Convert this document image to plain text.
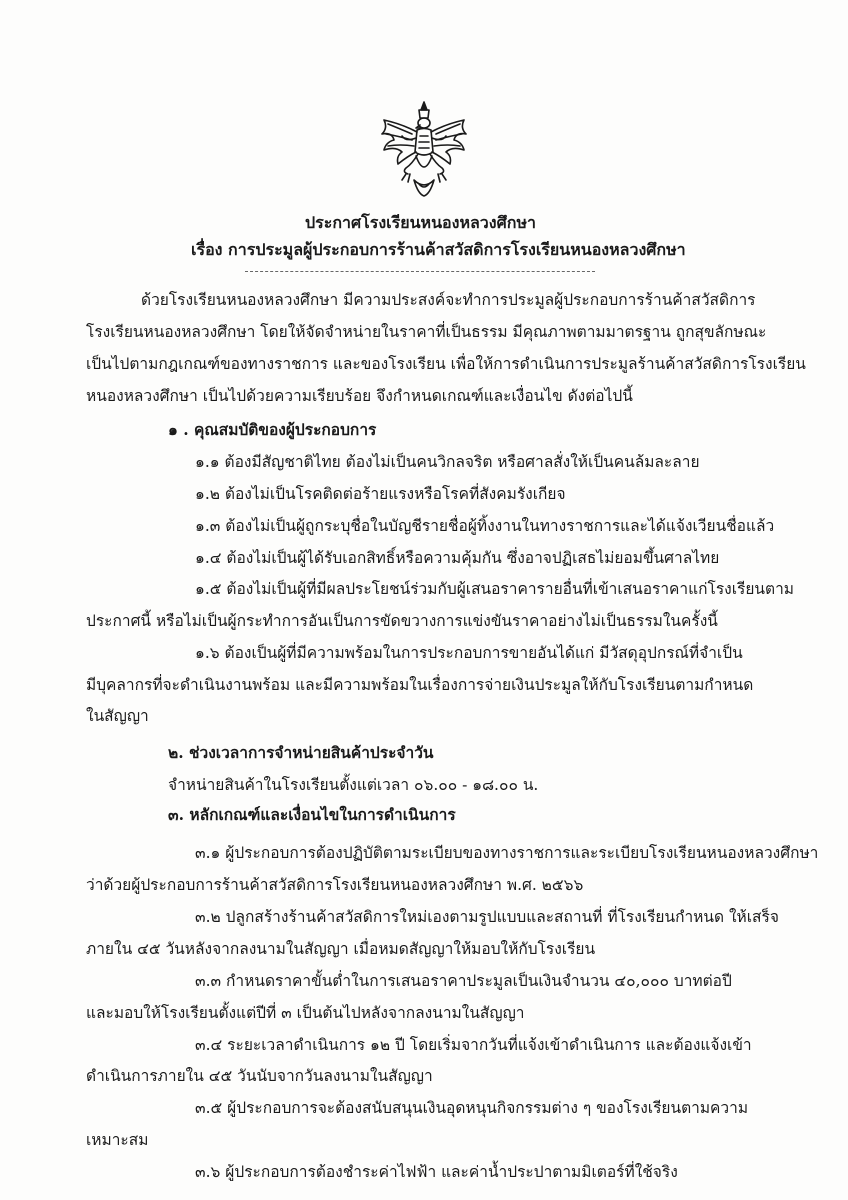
ประกาศโรงเรียนหนองหลวงศึกษา
เรื่อง การประมูลผู้ประกอบการร้านค้าสวัสดิการโรงเรียนหนองหลวงศึกษา
ด้วยโรงเรียนหนองหลวงศึกษา มีความประสงค์จะทำการประมูลผู้ประกอบการร้านค้าสวัสดิการ
โรงเรียนหนองหลวงศึกษา โดยให้จัดจำหน่ายในราคาที่เป็นธรรม มีคุณภาพตามมาตรฐาน ถูกสุขลักษณะ
เป็นไปตามกฎเกณฑ์ของทางราชการ และของโรงเรียน เพื่อให้การดำเนินการประมูลร้านค้าสวัสดิการโรงเรียน
หนองหลวงศึกษา เป็นไปด้วยความเรียบร้อย จึงกำหนดเกณฑ์และเงื่อนไข ดังต่อไปนี้
๑ . คุณสมบัติของผู้ประกอบการ
๑.๑ ต้องมีสัญชาติไทย ต้องไม่เป็นคนวิกลจริต หรือศาลสั่งให้เป็นคนล้มละลาย
๑.๒ ต้องไม่เป็นโรคติดต่อร้ายแรงหรือโรคที่สังคมรังเกียจ
๑.๓ ต้องไม่เป็นผู้ถูกระบุชื่อในบัญชีรายชื่อผู้ทิ้งงานในทางราชการและได้แจ้งเวียนชื่อแล้ว
๑.๔ ต้องไม่เป็นผู้ได้รับเอกสิทธิ์หรือความคุ้มกัน ซึ่งอาจปฏิเสธไม่ยอมขึ้นศาลไทย
๑.๕ ต้องไม่เป็นผู้ที่มีผลประโยชน์ร่วมกับผู้เสนอราคารายอื่นที่เข้าเสนอราคาแก่โรงเรียนตาม
ประกาศนี้ หรือไม่เป็นผู้กระทำการอันเป็นการขัดขวางการแข่งขันราคาอย่างไม่เป็นธรรมในครั้งนี้
๑.๖ ต้องเป็นผู้ที่มีความพร้อมในการประกอบการขายอันได้แก่ มีวัสดุอุปกรณ์ที่จำเป็น
มีบุคลากรที่จะดำเนินงานพร้อม และมีความพร้อมในเรื่องการจ่ายเงินประมูลให้กับโรงเรียนตามกำหนด
ในสัญญา
๒. ช่วงเวลาการจำหน่ายสินค้าประจำวัน
จำหน่ายสินค้าในโรงเรียนตั้งแต่เวลา ๐๖.๐๐ - ๑๘.๐๐ น.
๓. หลักเกณฑ์และเงื่อนไขในการดำเนินการ
๓.๑ ผู้ประกอบการต้องปฏิบัติตามระเบียบของทางราชการและระเบียบโรงเรียนหนองหลวงศึกษา
ว่าด้วยผู้ประกอบการร้านค้าสวัสดิการโรงเรียนหนองหลวงศึกษา พ.ศ. ๒๕๖๖
๓.๒ ปลูกสร้างร้านค้าสวัสดิการใหม่เองตามรูปแบบและสถานที่ ที่โรงเรียนกำหนด ให้เสร็จ
ภายใน ๔๕ วันหลังจากลงนามในสัญญา เมื่อหมดสัญญาให้มอบให้กับโรงเรียน
๓.๓ กำหนดราคาขั้นต่ำในการเสนอราคาประมูลเป็นเงินจำนวน ๔๐,๐๐๐ บาทต่อปี
และมอบให้โรงเรียนตั้งแต่ปีที่ ๓ เป็นต้นไปหลังจากลงนามในสัญญา
๓.๔ ระยะเวลาดำเนินการ ๑๒ ปี โดยเริ่มจากวันที่แจ้งเข้าดำเนินการ และต้องแจ้งเข้า
ดำเนินการภายใน ๔๕ วันนับจากวันลงนามในสัญญา
๓.๕ ผู้ประกอบการจะต้องสนับสนุนเงินอุดหนุนกิจกรรมต่าง ๆ ของโรงเรียนตามความ
เหมาะสม
๓.๖ ผู้ประกอบการต้องชำระค่าไฟฟ้า และค่าน้ำประปาตามมิเตอร์ที่ใช้จริง
